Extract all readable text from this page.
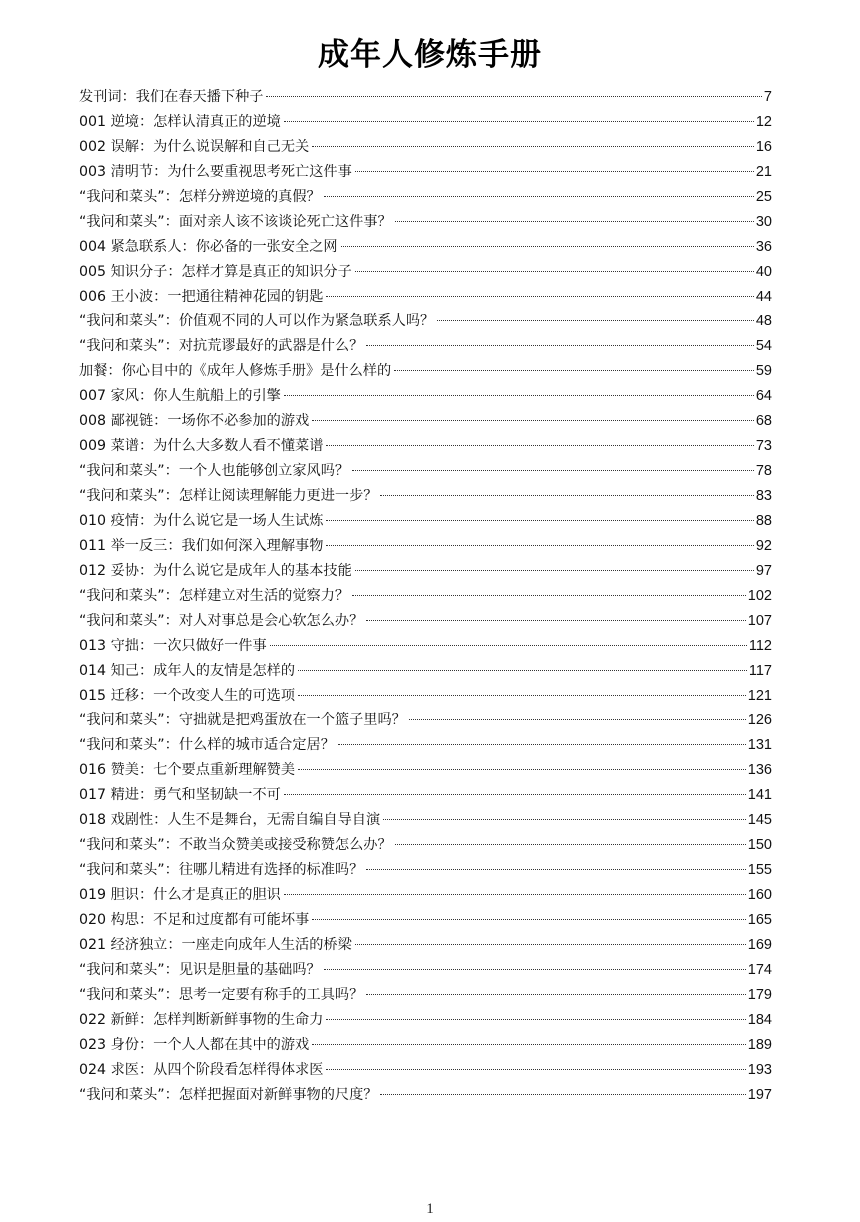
成年人修炼手册
发刊词：我们在春天播下种子	7
001 逆境：怎样认清真正的逆境	12
002 误解：为什么说误解和自己无关	16
003 清明节：为什么要重视思考死亡这件事	21
“我问和菜头”：怎样分辨逆境的真假？	25
“我问和菜头”：面对亲人该不该谈论死亡这件事？	30
004 紧急联系人：你必备的一张安全之网	36
005 知识分子：怎样才算是真正的知识分子	40
006 王小波：一把通往精神花园的钥匙	44
“我问和菜头”：价值观不同的人可以作为紧急联系人吗？	48
“我问和菜头”：对抗荒谬最好的武器是什么？	54
加餐：你心目中的《成年人修炼手册》是什么样的	59
007 家风：你人生航船上的引擎	64
008 鄙视链：一场你不必参加的游戏	68
009 菜谱：为什么大多数人看不懂菜谱	73
“我问和菜头”：一个人也能够创立家风吗？	78
“我问和菜头”：怎样让阅读理解能力更进一步？	83
010 疫情：为什么说它是一场人生试炼	88
011 举一反三：我们如何深入理解事物	92
012 妥协：为什么说它是成年人的基本技能	97
“我问和菜头”：怎样建立对生活的觉察力？	102
“我问和菜头”：对人对事总是会心软怎么办？	107
013 守拙：一次只做好一件事	112
014 知己：成年人的友情是怎样的	117
015 迁移：一个改变人生的可选项	121
“我问和菜头”：守拙就是把鸡蛋放在一个篮子里吗？	126
“我问和菜头”：什么样的城市适合定居？	131
016 赞美：七个要点重新理解赞美	136
017 精进：勇气和坚韧缺一不可	141
018 戏剧性：人生不是舞台，无需自编自导自演	145
“我问和菜头”：不敢当众赞美或接受称赞怎么办？	150
“我问和菜头”：往哪儿精进有选择的标准吗？	155
019 胆识：什么才是真正的胆识	160
020 构思：不足和过度都有可能坏事	165
021 经济独立：一座走向成年人生活的桥梁	169
“我问和菜头”：见识是胆量的基础吗？	174
“我问和菜头”：思考一定要有称手的工具吗？	179
022 新鲜：怎样判断新鲜事物的生命力	184
023 身份：一个人人都在其中的游戏	189
024 求医：从四个阶段看怎样得体求医	193
“我问和菜头”：怎样把握面对新鲜事物的尺度？	197
1
